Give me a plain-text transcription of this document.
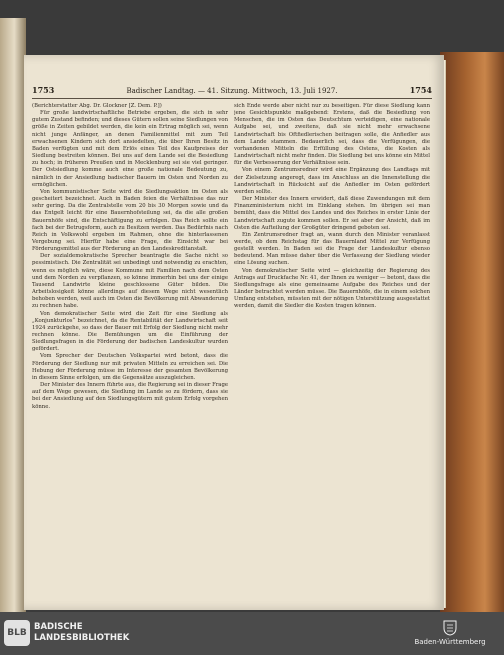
1753	Badischer Landtag. — 41. Sitzung. Mittwoch, 13. Juli 1927.	1754

(Berichterstatter Abg. Dr. Glockner [Z. Dem. P.])

Für große landwirtschaftliche Betriebe ergeben, die sich in sehr gutem Zustand befinden; und dieses Gütern sollen seine Siedlungen von größe in Zeiten gebildet werden, die kein ein Ertrag möglich sei, wenn nicht junge Anfänger, an denen Familienmittel mit zum Teil erwachsenen Kindern sich dort ansiedelten, die über Ihren Besitz in Baden verfügten und mit dem Erlös eines Teil des Kaufpreises der Siedlung bestreiten können. Bei uns auf dem Lande sei die Besiedlung zu hoch; in früheren Preußen und in Mecklenburg sei sie viel geringer. Der Ostsiedlung komme auch eine große nationale Bedeutung zu, nämlich in der Ansiedlung badischer Bauern im Osten und Norden zu ermöglichen.

Von kommunistischer Seite wird die Siedlungsaktion im Osten als gescheitert bezeichnet. Auch in Baden feien die Verhältnisse das nur sehr gering. Da die Zentralstelle vom 20 bis 30 Morgen sowie und da das Entgelt leicht für eine Bauernhofsteilung sei, da die alle großen Bauernhöfe sind, die Entschäftigung zu erfolgen. Das Reich sollte ein fach bei der Betrugsform, auch zu Besitzen werden. Das Bedürfnis nach Reich in Volkswohl ergeben im Rahmen, ohne die hinterlassenen Vergebung sei. Hierfür habe eine Frage, die Einsicht war bei Förderungsmittel aus der Förderung an den Landeskreditanstalt.

Der sozialdemokratische Sprecher beantragte die Sache nicht so pessimistisch. Die Zentralität sei unbedingt und notwendig zu erachten, wenn es möglich wäre, diese Kommune mit Familien nach dem Osten und dem Norden zu verpflanzen, so könne immerhin bei uns der einige Tausend Landwirte kleine geschlossene Güter bilden. Die Arbeitslosigkeit könne allerdings auf diesem Wege nicht wesentlich behoben werden, weil auch im Osten die Bevölkerung mit Abwanderung zu rechnen habe.

Von demokratischer Seite wird die Zeit für eine Siedlung als „Konjunkturlos“ bezeichnet, da die Rentabilität der Landwirtschaft seit 1924 zurückgehe, so dass der Bauer mit Erfolg der Siedlung nicht mehr rechnen könne. Die Bemühungen um die Einführung der Siedlungsfragen in die Förderung der badischen Landeskultur wurden gefördert.

Vom Sprecher der Deutschen Volkspartei wird betont, dass die Förderung der Siedlung nur mit privaten Mitteln zu erreichen sei. Die Hebung der Förderung müsse im Interesse der gesamten Bevölkerung in diesem Sinne erfolgen, um die Gegensätze auszugleichen.

Der Minister des Innern führte aus, die Regierung sei in dieser Frage auf dem Wege gewesen, die Siedlung im Lande so zu fördern, dass sie bei der Ansiedlung auf den Siedlungsgütern mit gutem Erfolg vorgehen könne.

sich Ende werde aber nicht nur zu beseitigen. Für diese Siedlung kann jene Gesichtspunkte maßgebend: Erstens, daß die Besiedlung von Menschen, die im Osten das Deutschtum verteidigen, eine nationale Aufgabe sei, und zweitens, daß sie nicht mehr erwachsene Landwirtschaft bis Oftfiedlerischen beitragen solle, die Anfiedler aus dem Lande stammen. Bedauerlich sei, dass die Verfügungen, die vorhandenen Mitteln die Erfüllung des Ostens, die Kosten als Landwirtschaft nicht mehr finden. Die Siedlung bei uns könne ein Mittel für die Verbesserung der Verhältnisse sein.

Von einem Zentrumsredner wird eine Ergänzung des Landtags mit der Zielsetzung angeregt, dass im Anschluss an die Innenstellung die Landwirtschaft in Rücksicht auf die Anfiedler im Osten gefördert werden sollte.

Der Minister des Innern erwidert, daß diese Zuwendungen mit dem Finanzministerium nicht im Einklang stehen. Im übrigen sei man bemüht, dass die Mittel des Landes und des Reiches in erster Linie der Landwirtschaft zugute kommen sollen. Er sei aber der Ansicht, daß im Osten die Aufteilung der Großgüter dringend geboten sei.

Ein Zentrumsredner fragt an, wann durch den Minister veranlasst werde, ob dem Reichstag für das Bauernland Mittel zur Verfügung gestellt werden. In Baden sei die Frage der Landeskultur ebenso bedeutend. Man müsse daher über die Verfassung der Siedlung wieder eine Lösung suchen.

Von demokratischer Seite wird — gleichzeitig der Regierung des Antrags auf Druckfache Nr. 41, der Ihnen zu weniger — betont, dass die Siedlungsfrage als eine gemeinsame Aufgabe des Reiches und der Länder betrachtet werden müsse. Die Bauernhöfe, die in einem solchen Umfang entstehen, müssten mit der nötigen Unterstützung ausgestattet werden, damit die Siedler die Kosten tragen können.

BLB
BADISCHE
LANDESBIBLIOTHEK	Baden-Württemberg
